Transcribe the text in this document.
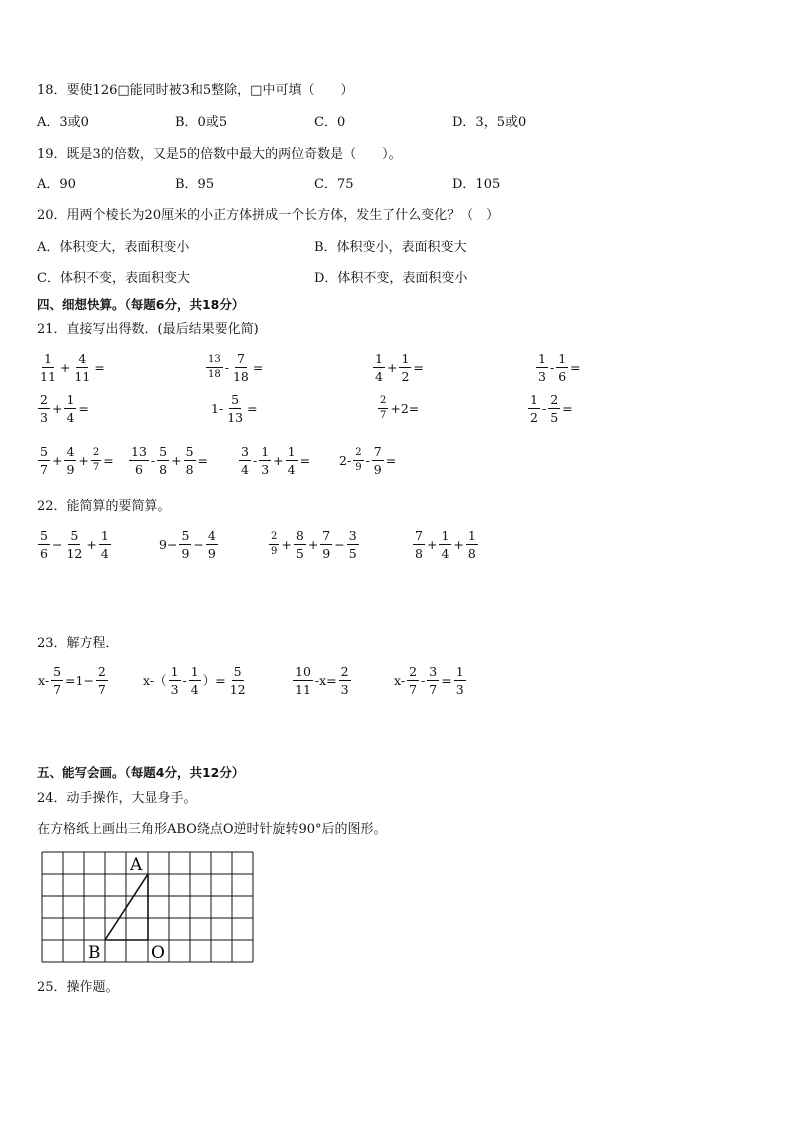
18．要使126□能同时被3和5整除，□中可填（　　）
A．3或0	B．0或5	C．0	D．3，5或0
19．既是3的倍数，又是5的倍数中最大的两位奇数是（　　）。
A．90	B．95	C．75	D．105
20．用两个棱长为20厘米的小正方体拼成一个长方体，发生了什么变化？（　）
A．体积变大，表面积变小	B．体积变小，表面积变大
C．体积不变，表面积变大	D．体积不变，表面积变小
四、细想快算。（每题6分，共18分）
21．直接写出得数．(最后结果要化简)
$\frac{1}{11} + \frac{4}{11}$ =	$\frac{13}{18} - \frac{7}{18}$ =	$\frac{1}{4} + \frac{1}{2}$ =	$\frac{1}{3} - \frac{1}{6}$ =
$\frac{2}{3} + \frac{1}{4}$ =	$1- \frac{5}{13}$ =	$\frac{2}{7} +2=$	$\frac{1}{2} - \frac{2}{5}$ =
$\frac{5}{7} + \frac{4}{9} + \frac{2}{7} = \frac{13}{6} - \frac{5}{8} + \frac{5}{8} = \frac{3}{4} - \frac{1}{3} + \frac{1}{4} = 2- \frac{2}{9} - \frac{7}{9}$ =
22．能简算的要简算。
$\frac{5}{6} - \frac{5}{12} + \frac{1}{4}$	$9- \frac{5}{9} - \frac{4}{9}$	$\frac{2}{9} + \frac{8}{5} + \frac{7}{9} - \frac{3}{5}$	$\frac{7}{8} + \frac{1}{4} + \frac{1}{8}$
23．解方程．
$x- \frac{5}{7} =1- \frac{2}{7}$	$x-( \frac{1}{3} - \frac{1}{4}$ ）= $\frac{5}{12}$	$\frac{10}{11} -x= \frac{2}{3}$	$x- \frac{2}{7} - \frac{3}{7} = \frac{1}{3}$
五、能写会画。（每题4分，共12分）
24．动手操作，大显身手。
在方格纸上画出三角形ABO绕点O逆时针旋转90°后的图形。
A
B	O
25．操作题。
